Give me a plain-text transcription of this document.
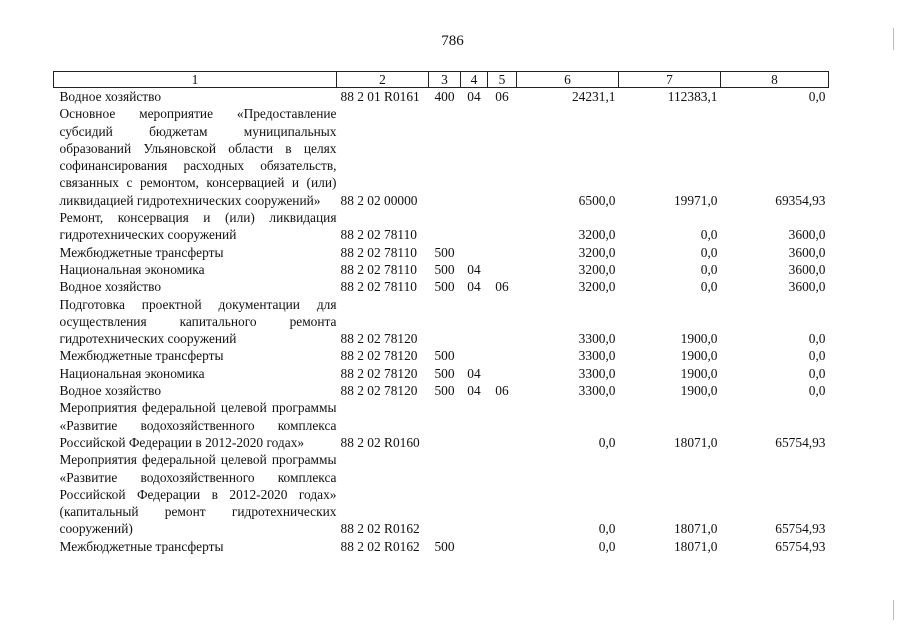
786
1	2	3	4	5	6	7	8
Водное хозяйство	88 2 01 R0161	400	04	06	24231,1	112383,1	0,0
Основное мероприятие «Предоставление субсидий бюджетам муниципальных образований Ульяновской области в целях софинансирования расходных обязательств, связанных с ремонтом, консервацией и (или) ликвидацией гидротехнических сооружений»	88 2 02 00000				6500,0	19971,0	69354,93
Ремонт, консервация и (или) ликвидация гидротехнических сооружений	88 2 02 78110				3200,0	0,0	3600,0
Межбюджетные трансферты	88 2 02 78110	500			3200,0	0,0	3600,0
Национальная экономика	88 2 02 78110	500	04		3200,0	0,0	3600,0
Водное хозяйство	88 2 02 78110	500	04	06	3200,0	0,0	3600,0
Подготовка проектной документации для осуществления капитального ремонта гидротехнических сооружений	88 2 02 78120				3300,0	1900,0	0,0
Межбюджетные трансферты	88 2 02 78120	500			3300,0	1900,0	0,0
Национальная экономика	88 2 02 78120	500	04		3300,0	1900,0	0,0
Водное хозяйство	88 2 02 78120	500	04	06	3300,0	1900,0	0,0
Мероприятия федеральной целевой программы «Развитие водохозяйственного комплекса Российской Федерации в 2012-2020 годах»	88 2 02 R0160				0,0	18071,0	65754,93
Мероприятия федеральной целевой программы «Развитие водохозяйственного комплекса Российской Федерации в 2012-2020 годах» (капитальный ремонт гидротехнических сооружений)	88 2 02 R0162				0,0	18071,0	65754,93
Межбюджетные трансферты	88 2 02 R0162	500			0,0	18071,0	65754,93
